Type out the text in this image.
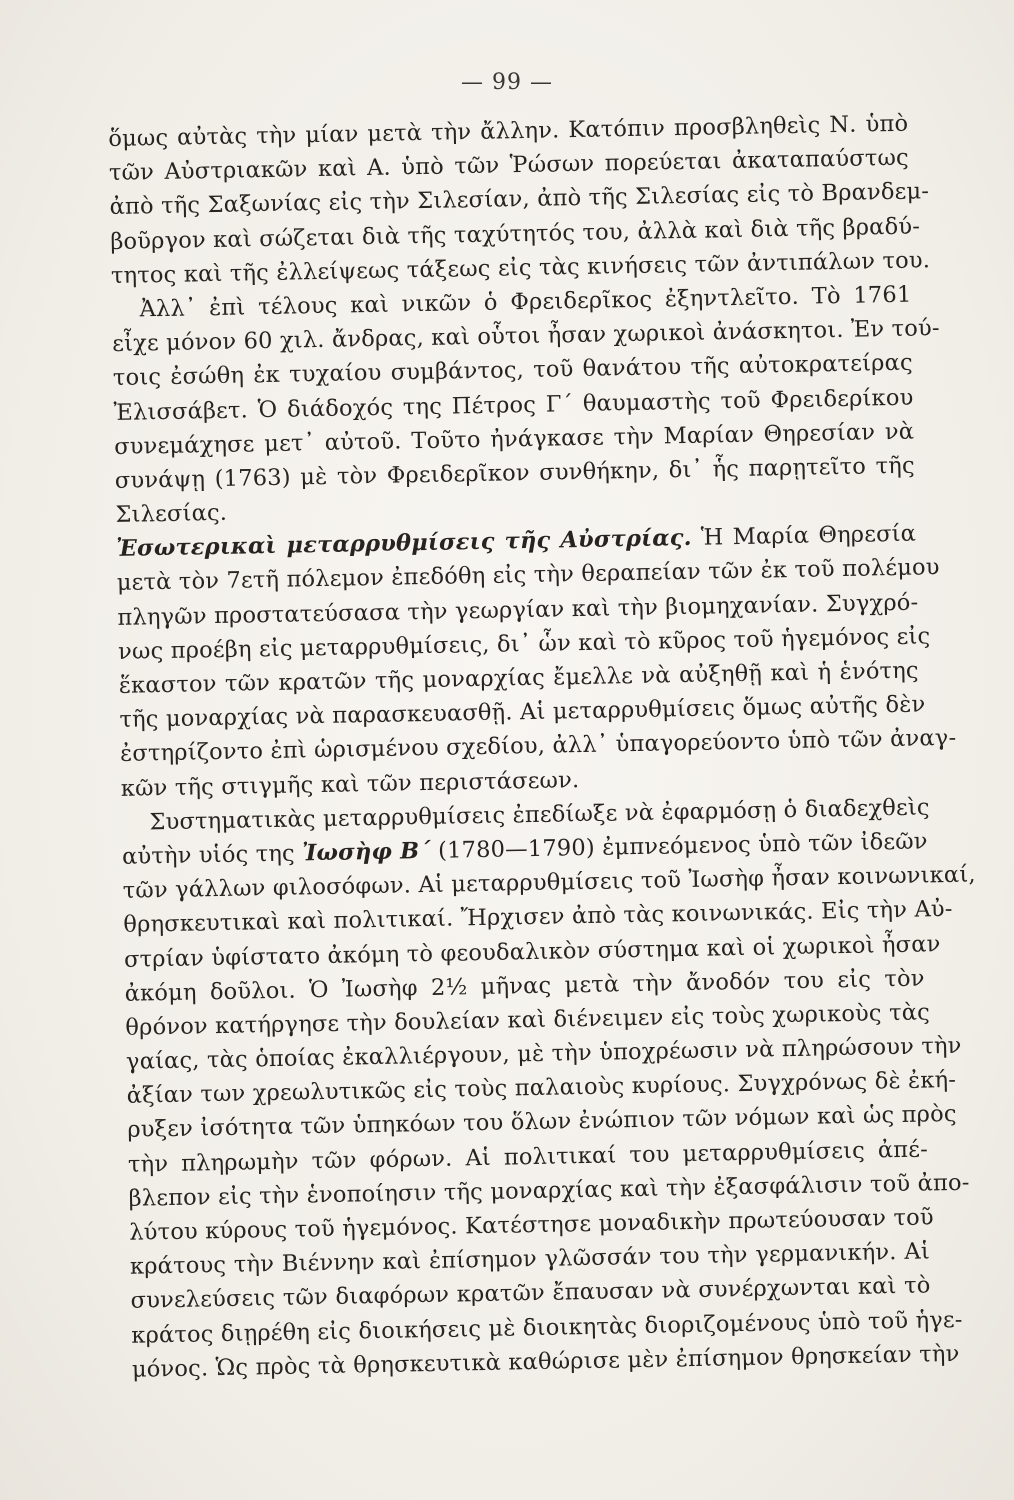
— 99 —
ὅμως αὐτὰς τὴν μίαν μετὰ τὴν ἄλλην. Κατόπιν προσβληθεὶς Ν. ὑπὸ
τῶν Αὐστριακῶν καὶ Α. ὑπὸ τῶν Ῥώσων πορεύεται ἀκαταπαύστως
ἀπὸ τῆς Σαξωνίας εἰς τὴν Σιλεσίαν, ἀπὸ τῆς Σιλεσίας εἰς τὸ Βρανδεμ-
βοῦργον καὶ σώζεται διὰ τῆς ταχύτητός του, ἀλλὰ καὶ διὰ τῆς βραδύ-
τητος καὶ τῆς ἐλλείψεως τάξεως εἰς τὰς κινήσεις τῶν ἀντιπάλων του.
Ἀλλ᾽ ἐπὶ τέλους καὶ νικῶν ὁ Φρειδερῖκος ἐξηντλεῖτο. Τὸ 1761
εἶχε μόνον 60 χιλ. ἄνδρας, καὶ οὗτοι ἦσαν χωρικοὶ ἀνάσκητοι. Ἐν τού-
τοις ἐσώθη ἐκ τυχαίου συμβάντος, τοῦ θανάτου τῆς αὐτοκρατείρας
Ἐλισσάβετ. Ὁ διάδοχός της Πέτρος Γ´ θαυμαστὴς τοῦ Φρειδερίκου
συνεμάχησε μετ᾽ αὐτοῦ. Τοῦτο ἠνάγκασε τὴν Μαρίαν Θηρεσίαν νὰ
συνάψῃ (1763) μὲ τὸν Φρειδερῖκον συνθήκην, δι᾽ ἧς παρῃτεῖτο τῆς
Σιλεσίας.
Ἐσωτερικαὶ μεταρρυθμίσεις τῆς Αὐστρίας. Ἡ Μαρία Θηρεσία
μετὰ τὸν 7ετῆ πόλεμον ἐπεδόθη εἰς τὴν θεραπείαν τῶν ἐκ τοῦ πολέμου
πληγῶν προστατεύσασα τὴν γεωργίαν καὶ τὴν βιομηχανίαν. Συγχρό-
νως προέβη εἰς μεταρρυθμίσεις, δι᾽ ὧν καὶ τὸ κῦρος τοῦ ἡγεμόνος εἰς
ἕκαστον τῶν κρατῶν τῆς μοναρχίας ἔμελλε νὰ αὐξηθῇ καὶ ἡ ἑνότης
τῆς μοναρχίας νὰ παρασκευασθῇ. Αἱ μεταρρυθμίσεις ὅμως αὐτῆς δὲν
ἐστηρίζοντο ἐπὶ ὡρισμένου σχεδίου, ἀλλ᾽ ὑπαγορεύοντο ὑπὸ τῶν ἀναγ-
κῶν τῆς στιγμῆς καὶ τῶν περιστάσεων.
Συστηματικὰς μεταρρυθμίσεις ἐπεδίωξε νὰ ἐφαρμόσῃ ὁ διαδεχθεὶς
αὐτὴν υἱός της Ἰωσὴφ Β´ (1780—1790) ἐμπνεόμενος ὑπὸ τῶν ἰδεῶν
τῶν γάλλων φιλοσόφων. Αἱ μεταρρυθμίσεις τοῦ Ἰωσὴφ ἦσαν κοινωνικαί,
θρησκευτικαὶ καὶ πολιτικαί. Ἤρχισεν ἀπὸ τὰς κοινωνικάς. Εἰς τὴν Αὐ-
στρίαν ὑφίστατο ἀκόμη τὸ φεουδαλικὸν σύστημα καὶ οἱ χωρικοὶ ἦσαν
ἀκόμη δοῦλοι. Ὁ Ἰωσὴφ 2½ μῆνας μετὰ τὴν ἄνοδόν του εἰς τὸν
θρόνον κατήργησε τὴν δουλείαν καὶ διένειμεν εἰς τοὺς χωρικοὺς τὰς
γαίας, τὰς ὁποίας ἐκαλλιέργουν, μὲ τὴν ὑποχρέωσιν νὰ πληρώσουν τὴν
ἀξίαν των χρεωλυτικῶς εἰς τοὺς παλαιοὺς κυρίους. Συγχρόνως δὲ ἐκή-
ρυξεν ἰσότητα τῶν ὑπηκόων του ὅλων ἐνώπιον τῶν νόμων καὶ ὡς πρὸς
τὴν πληρωμὴν τῶν φόρων. Αἱ πολιτικαί του μεταρρυθμίσεις ἀπέ-
βλεπον εἰς τὴν ἑνοποίησιν τῆς μοναρχίας καὶ τὴν ἐξασφάλισιν τοῦ ἀπο-
λύτου κύρους τοῦ ἡγεμόνος. Κατέστησε μοναδικὴν πρωτεύουσαν τοῦ
κράτους τὴν Βιέννην καὶ ἐπίσημον γλῶσσάν του τὴν γερμανικήν. Αἱ
συνελεύσεις τῶν διαφόρων κρατῶν ἔπαυσαν νὰ συνέρχωνται καὶ τὸ
κράτος διῃρέθη εἰς διοικήσεις μὲ διοικητὰς διοριζομένους ὑπὸ τοῦ ἡγε-
μόνος. Ὡς πρὸς τὰ θρησκευτικὰ καθώρισε μὲν ἐπίσημον θρησκείαν τὴν
